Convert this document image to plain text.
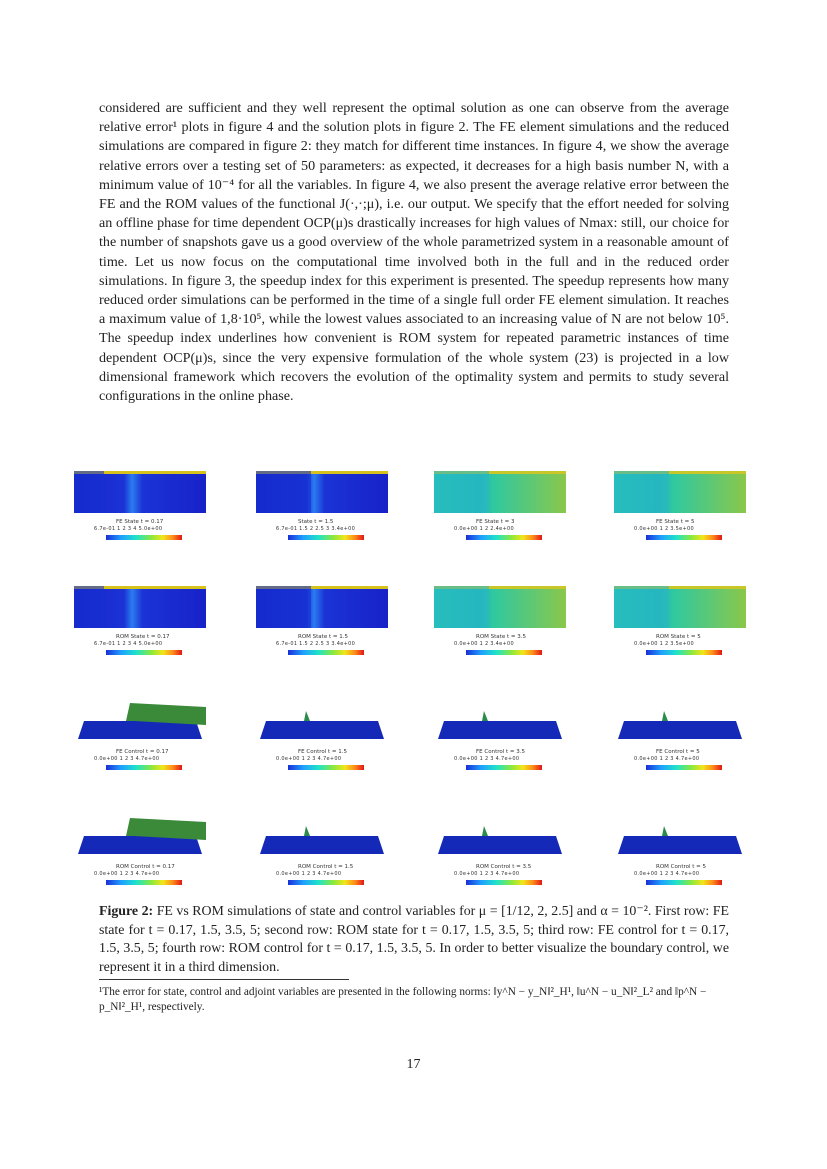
considered are sufficient and they well represent the optimal solution as one can observe from the average relative error¹ plots in figure 4 and the solution plots in figure 2. The FE element simulations and the reduced simulations are compared in figure 2: they match for different time instances. In figure 4, we show the average relative errors over a testing set of 50 parameters: as expected, it decreases for a high basis number N, with a minimum value of 10⁻⁴ for all the variables. In figure 4, we also present the average relative error between the FE and the ROM values of the functional J(·,·;μ), i.e. our output. We specify that the effort needed for solving an offline phase for time dependent OCP(μ)s drastically increases for high values of Nmax: still, our choice for the number of snapshots gave us a good overview of the whole parametrized system in a reasonable amount of time. Let us now focus on the computational time involved both in the full and in the reduced order simulations. In figure 3, the speedup index for this experiment is presented. The speedup represents how many reduced order simulations can be performed in the time of a single full order FE element simulation. It reaches a maximum value of 1,8·10⁵, while the lowest values associated to an increasing value of N are not below 10⁵. The speedup index underlines how convenient is ROM system for repeated parametric instances of time dependent OCP(μ)s, since the very expensive formulation of the whole system (23) is projected in a low dimensional framework which recovers the evolution of the optimality system and permits to study several configurations in the online phase.

FE State t = 0.17
6.7e-01 1 2 3 4 5.0e+00
State t = 1.5
6.7e-01 1.5 2 2.5 3 3.4e+00
FE State t = 3
0.0e+00 1 2 2.4e+00
FE State t = 5
0.0e+00 1 2 3.5e+00
ROM State t = 0.17
6.7e-01 1 2 3 4 5.0e+00
ROM State t = 1.5
6.7e-01 1.5 2 2.5 3 3.4e+00
ROM State t = 3.5
0.0e+00 1 2 3.4e+00
ROM State t = 5
0.0e+00 1 2 3.5e+00
FE Control t = 0.17
0.0e+00 1 2 3 4.7e+00
FE Control t = 1.5
0.0e+00 1 2 3 4.7e+00
FE Control t = 3.5
0.0e+00 1 2 3 4.7e+00
FE Control t = 5
0.0e+00 1 2 3 4.7e+00
ROM Control t = 0.17
0.0e+00 1 2 3 4.7e+00
ROM Control t = 1.5
0.0e+00 1 2 3 4.7e+00
ROM Control t = 3.5
0.0e+00 1 2 3 4.7e+00
ROM Control t = 5
0.0e+00 1 2 3 4.7e+00
Figure 2: FE vs ROM simulations of state and control variables for μ = [1/12, 2, 2.5] and α = 10⁻². First row: FE state for t = 0.17, 1.5, 3.5, 5; second row: ROM state for t = 0.17, 1.5, 3.5, 5; third row: FE control for t = 0.17, 1.5, 3.5, 5; fourth row: ROM control for t = 0.17, 1.5, 3.5, 5. In order to better visualize the boundary control, we represent it in a third dimension.
¹The error for state, control and adjoint variables are presented in the following norms: ‖y^N − y_N‖²_H¹, ‖u^N − u_N‖²_L² and ‖p^N − p_N‖²_H¹, respectively.
17
